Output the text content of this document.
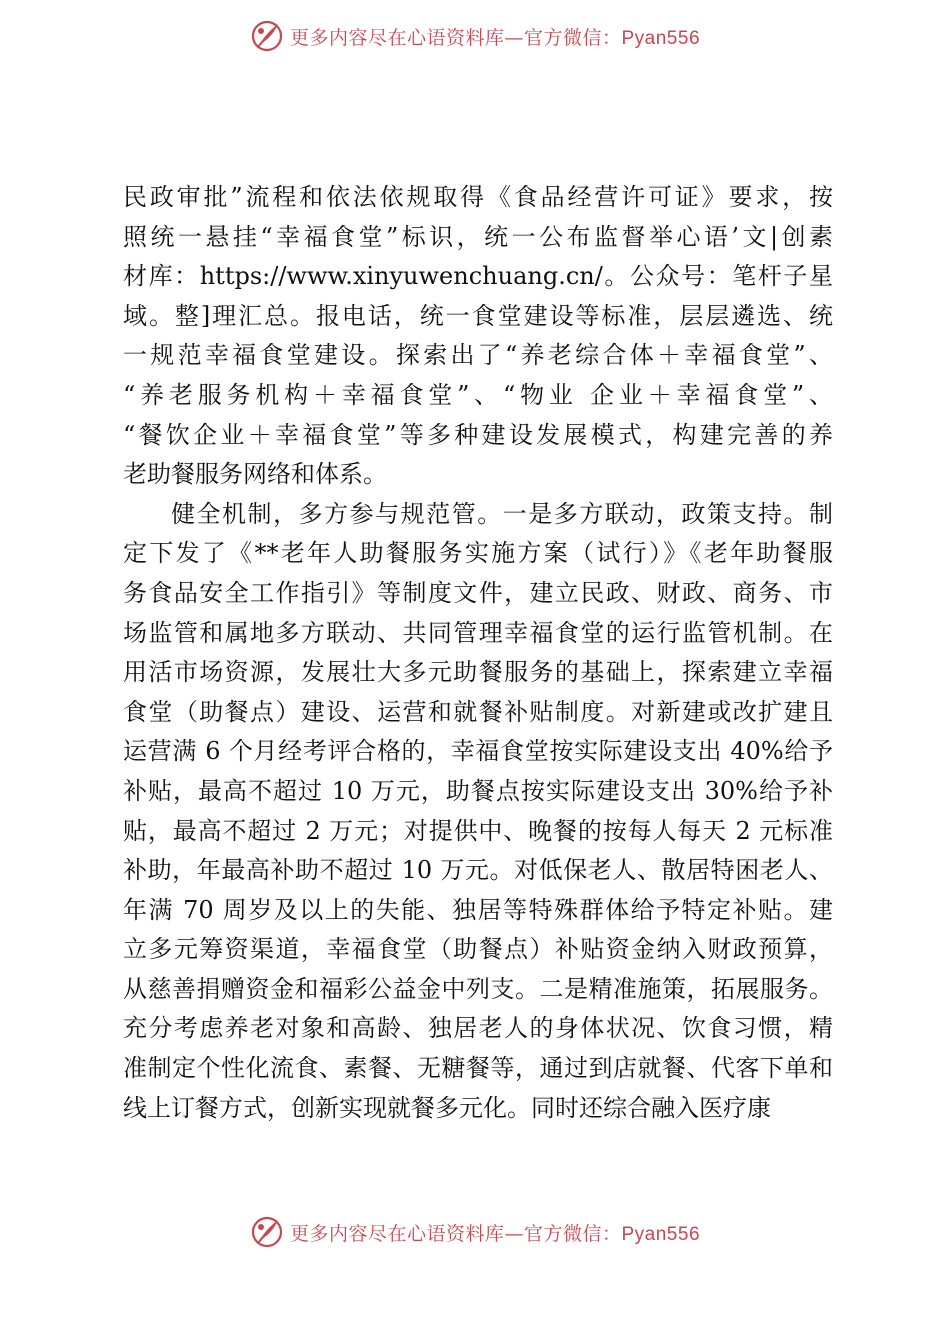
更多内容尽在心语资料库—官方微信：Pyan556
民政审批”流程和依法依规取得《食品经营许可证》要求，按
照统一悬挂“幸福食堂”标识，统一公布监督举心语’文|创素
材库：https://www.xinyuwenchuang.cn/。公众号：笔杆子星
域。整]理汇总。报电话，统一食堂建设等标准，层层遴选、统
一规范幸福食堂建设。探索出了“养老综合体＋幸福食堂”、
“养老服务机构＋幸福食堂”、“物业 企业＋幸福食堂”、
“餐饮企业＋幸福食堂”等多种建设发展模式，构建完善的养
老助餐服务网络和体系。
健全机制，多方参与规范管。一是多方联动，政策支持。制
定下发了《**老年人助餐服务实施方案（试行）》《老年助餐服
务食品安全工作指引》等制度文件，建立民政、财政、商务、市
场监管和属地多方联动、共同管理幸福食堂的运行监管机制。在
用活市场资源，发展壮大多元助餐服务的基础上，探索建立幸福
食堂（助餐点）建设、运营和就餐补贴制度。对新建或改扩建且
运营满 6 个月经考评合格的，幸福食堂按实际建设支出 40%给予
补贴，最高不超过 10 万元，助餐点按实际建设支出 30%给予补
贴，最高不超过 2 万元；对提供中、晚餐的按每人每天 2 元标准
补助，年最高补助不超过 10 万元。对低保老人、散居特困老人、
年满 70 周岁及以上的失能、独居等特殊群体给予特定补贴。建
立多元筹资渠道，幸福食堂（助餐点）补贴资金纳入财政预算，
从慈善捐赠资金和福彩公益金中列支。二是精准施策，拓展服务。
充分考虑养老对象和高龄、独居老人的身体状况、饮食习惯，精
准制定个性化流食、素餐、无糖餐等，通过到店就餐、代客下单和
线上订餐方式，创新实现就餐多元化。同时还综合融入医疗康
更多内容尽在心语资料库—官方微信：Pyan556
